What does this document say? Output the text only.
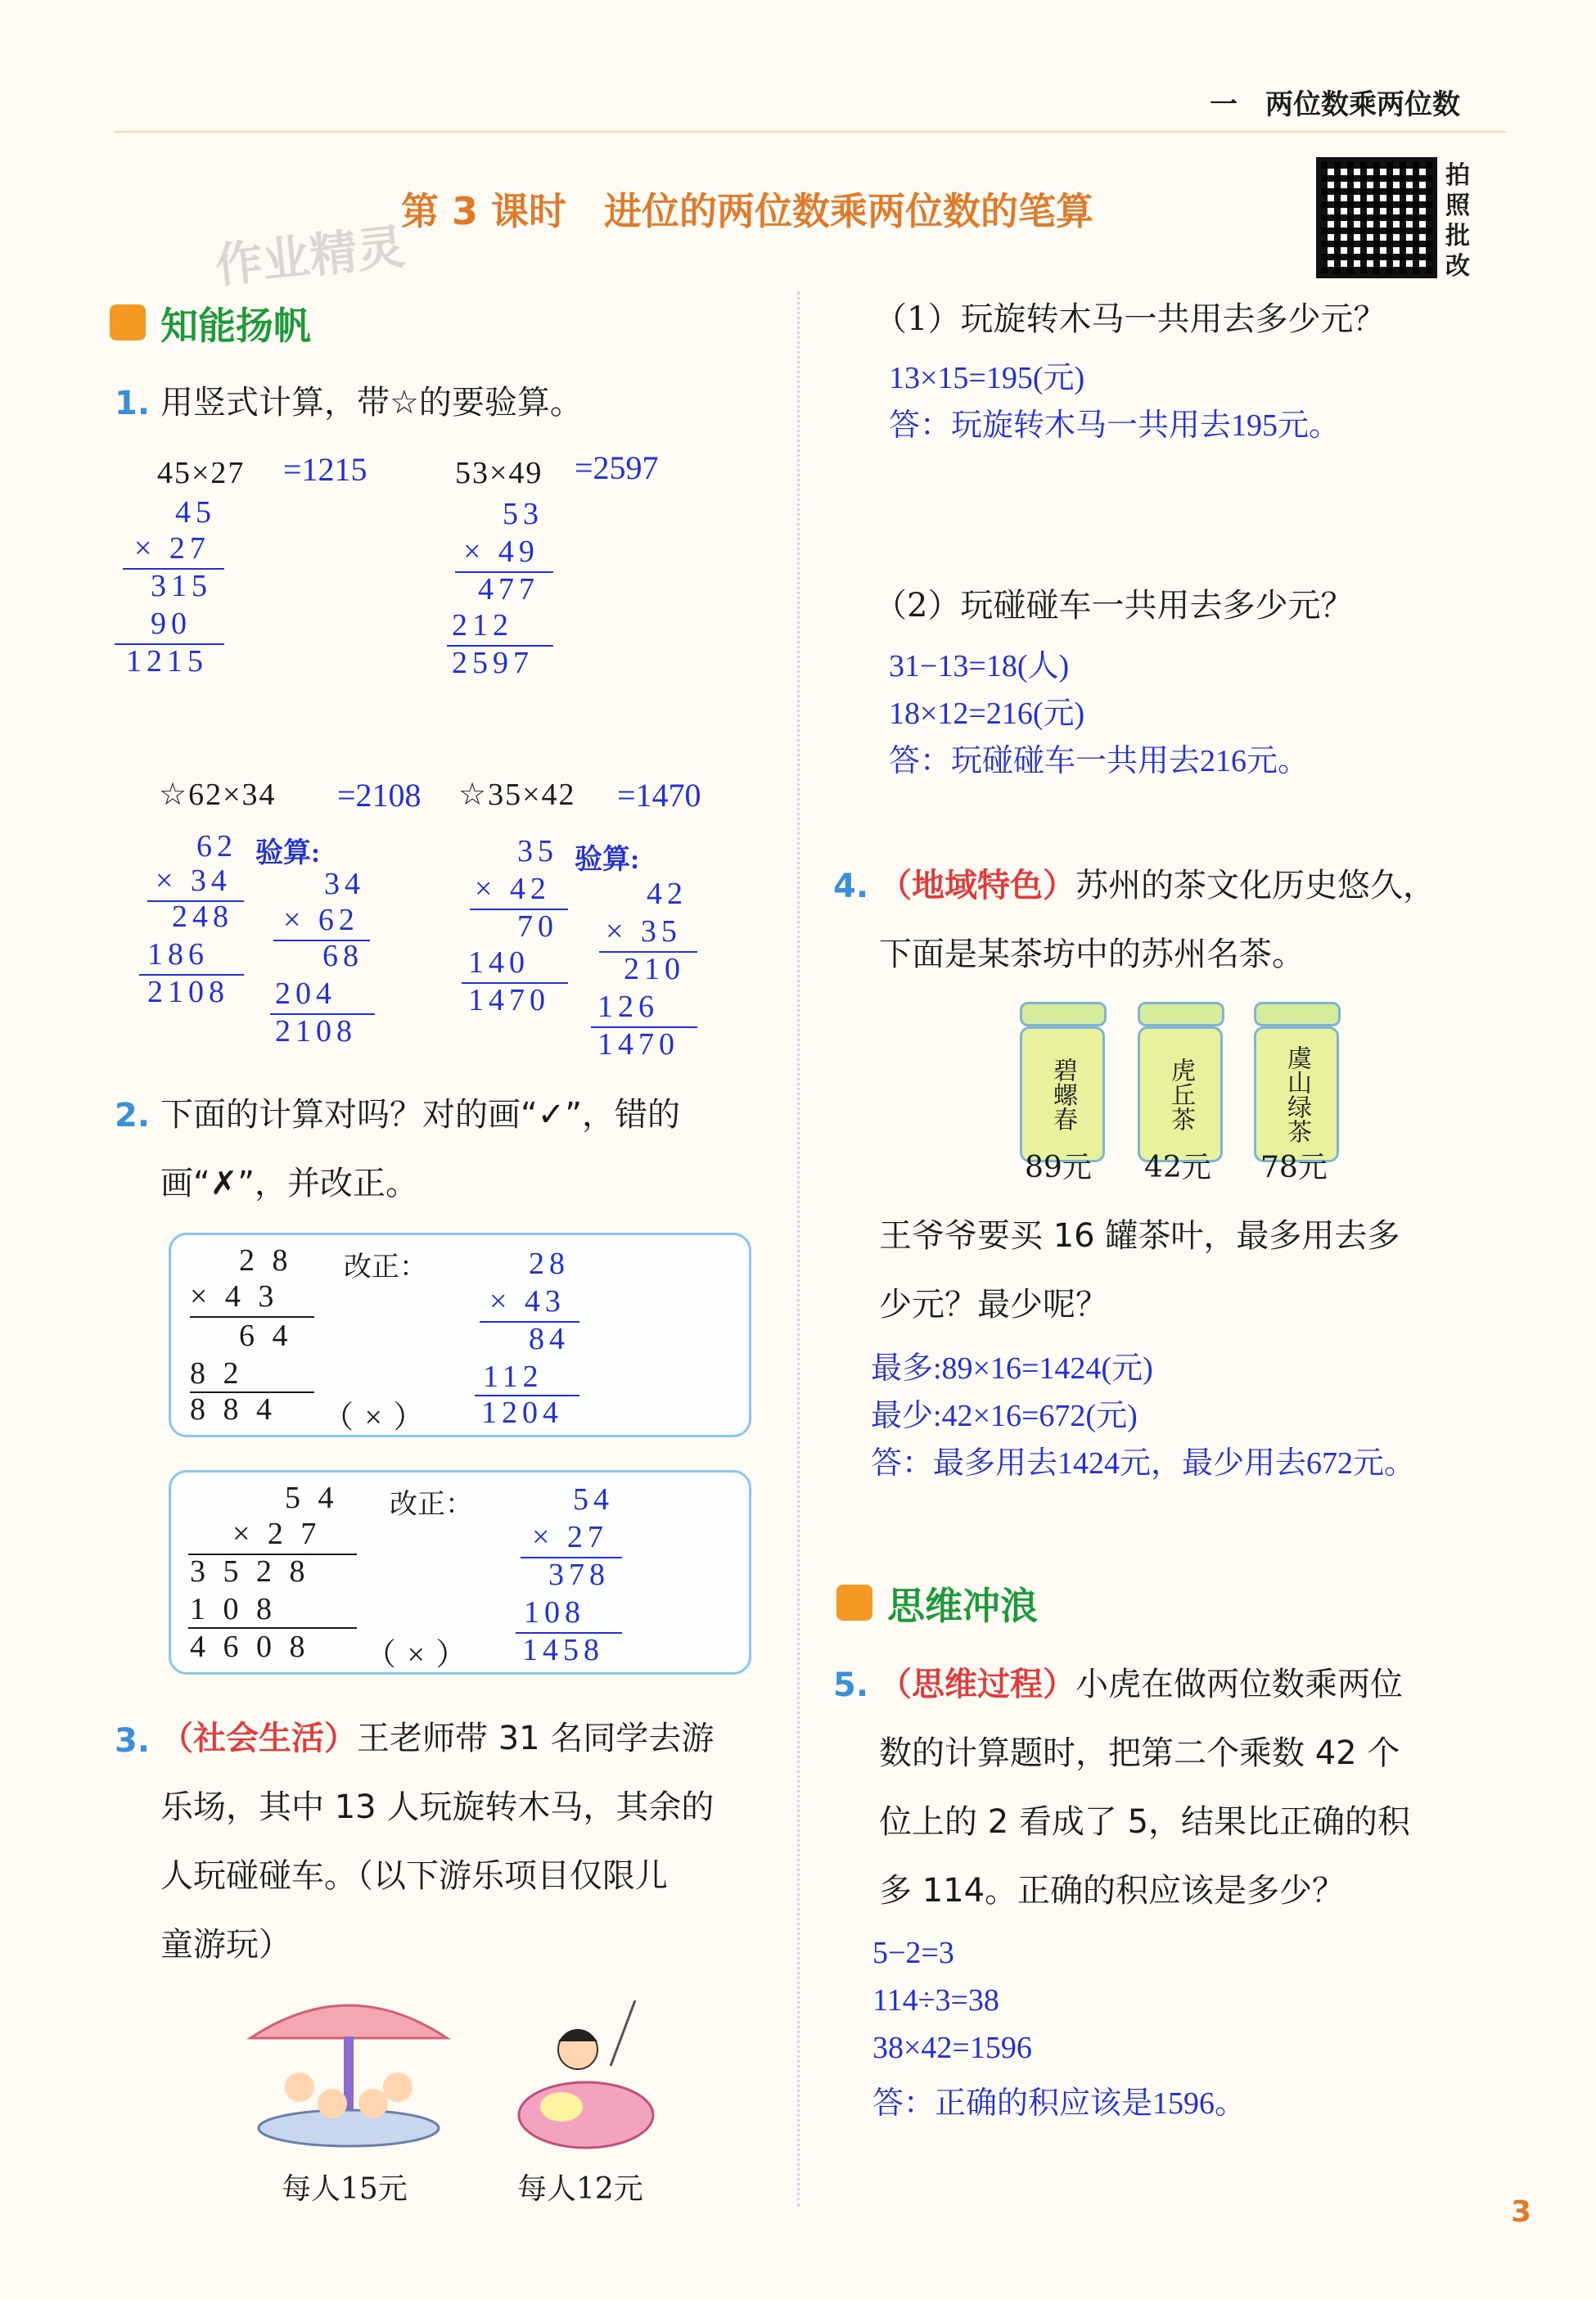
一　两位数乘两位数
第 3 课时　进位的两位数乘两位数的笔算
拍照批改
作业精灵
知能扬帆
1. 用竖式计算，带☆的要验算。
45×27 =1215
45
× 27
315
90
1215
53×49 =2597
53
× 49
477
212
2597
☆62×34 =2108
62 验算:
× 34
248
186
2108
34
× 62
68
204
2108
☆35×42 =1470
35 验算:
× 42
70
140
1470
42
× 35
210
126
1470
2. 下面的计算对吗？对的画“✓”，错的
画“✗”，并改正。
2 8
× 4 3
6 4
8 2
8 8 4 （ × ）
改正：	28
× 43
84
112
1204
5 4
× 2 7
3 5 2 8
1 0 8
4 6 0 8 （ × ）
改正：	54
× 27
378
108
1458
3. （社会生活）王老师带 31 名同学去游
乐场，其中 13 人玩旋转木马，其余的
人玩碰碰车。（以下游乐项目仅限儿
童游玩）
每人15元	每人12元
（1）玩旋转木马一共用去多少元？
13×15=195(元)
答：玩旋转木马一共用去195元。
（2）玩碰碰车一共用去多少元？
31−13=18(人)
18×12=216(元)
答：玩碰碰车一共用去216元。
4. （地域特色）苏州的茶文化历史悠久，
下面是某茶坊中的苏州名茶。
碧螺春	虎丘茶	虞山绿茶
89元 42元 78元
王爷爷要买 16 罐茶叶，最多用去多
少元？最少呢？
最多:89×16=1424(元)
最少:42×16=672(元)
答：最多用去1424元，最少用去672元。
思维冲浪
5. （思维过程）小虎在做两位数乘两位
数的计算题时，把第二个乘数 42 个
位上的 2 看成了 5，结果比正确的积
多 114。正确的积应该是多少？
5−2=3
114÷3=38
38×42=1596
答：正确的积应该是1596。
3
